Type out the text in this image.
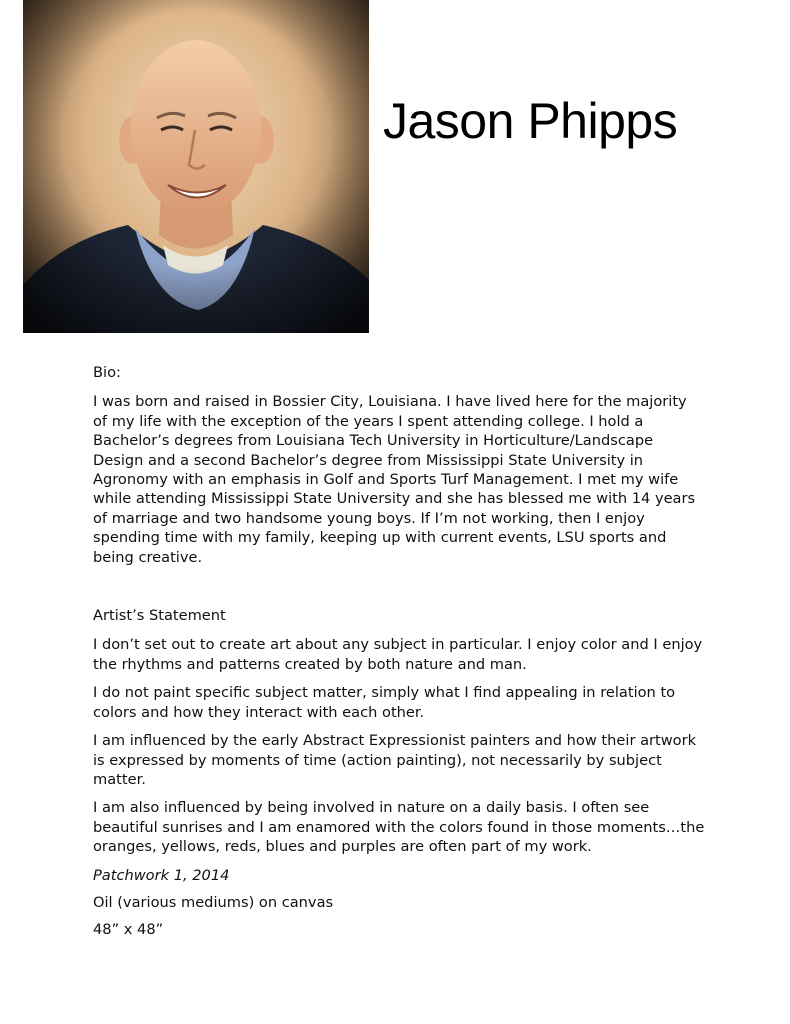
Jason Phipps

Bio:

I was born and raised in Bossier City, Louisiana. I have lived here for the majority of my life with the exception of the years I spent attending college. I hold a Bachelor’s degrees from Louisiana Tech University in Horticulture/Landscape Design and a second Bachelor’s degree from Mississippi State University in Agronomy with an emphasis in Golf and Sports Turf Management. I met my wife while attending Mississippi State University and she has blessed me with 14 years of marriage and two handsome young boys. If I’m not working, then I enjoy spending time with my family, keeping up with current events, LSU sports and being creative.

Artist’s Statement

I don’t set out to create art about any subject in particular. I enjoy color and I enjoy the rhythms and patterns created by both nature and man.

I do not paint specific subject matter, simply what I find appealing in relation to colors and how they interact with each other.

I am influenced by the early Abstract Expressionist painters and how their artwork is expressed by moments of time (action painting), not necessarily by subject matter.

I am also influenced by being involved in nature on a daily basis. I often see beautiful sunrises and I am enamored with the colors found in those moments…the oranges, yellows, reds, blues and purples are often part of my work.

Patchwork 1, 2014
Oil (various mediums) on canvas
48” x 48”
